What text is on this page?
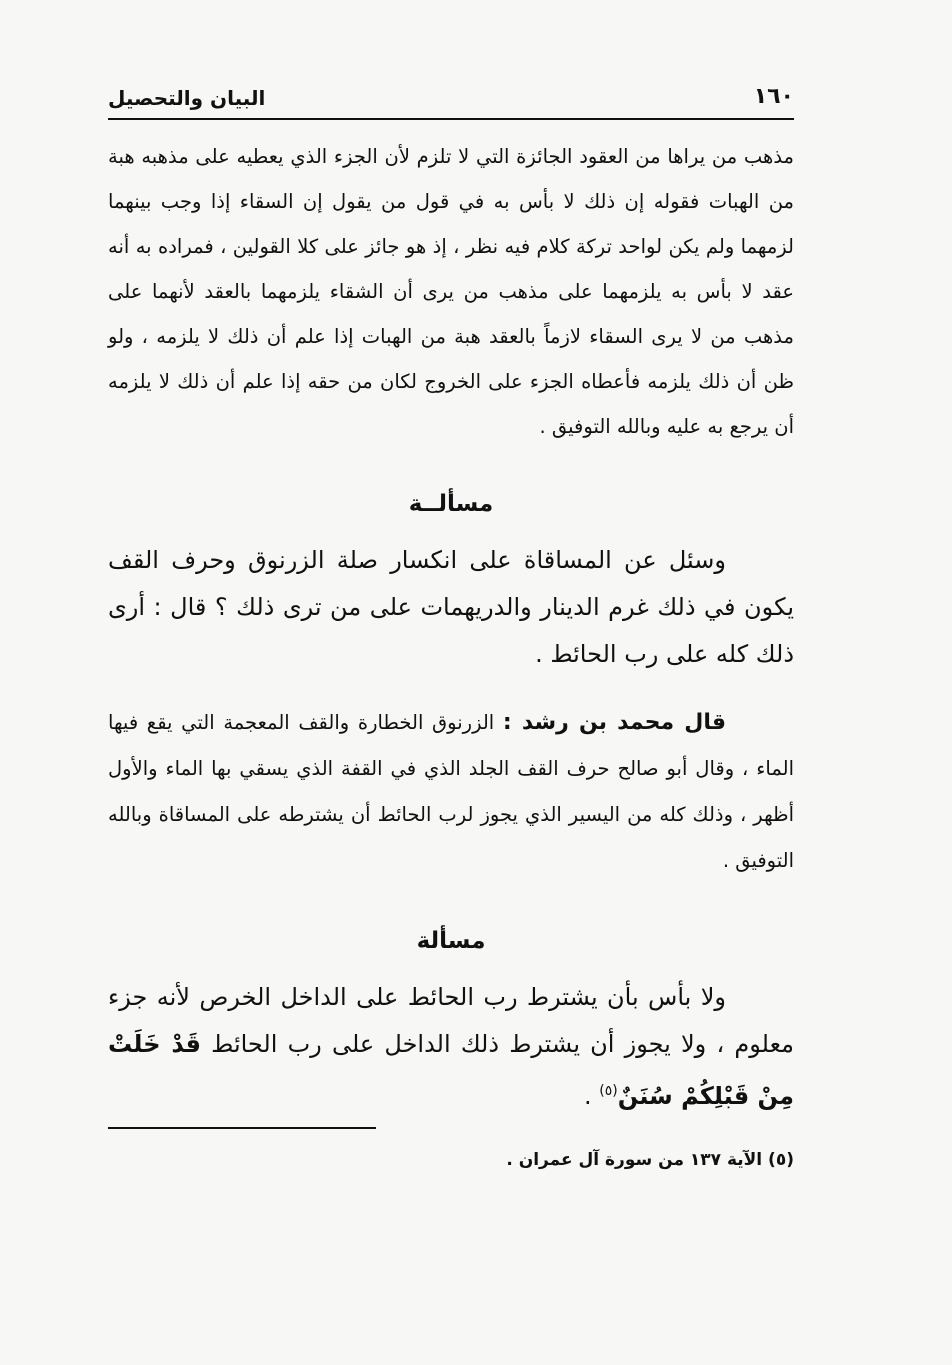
١٦٠
البيان والتحصيل

مذهب من يراها من العقود الجائزة التي لا تلزم لأن الجزء الذي يعطيه على مذهبه هبة من الهبات فقوله إن ذلك لا بأس به في قول من يقول إن السقاء إذا وجب بينهما لزمهما ولم يكن لواحد تركة كلام فيه نظر ، إذ هو جائز على كلا القولين ، فمراده به أنه عقد لا بأس به يلزمهما على مذهب من يرى أن الشقاء يلزمهما بالعقد لأنهما على مذهب من لا يرى السقاء لازماً بالعقد هبة من الهبات إذا علم أن ذلك لا يلزمه ، ولو ظن أن ذلك يلزمه فأعطاه الجزء على الخروج لكان من حقه إذا علم أن ذلك لا يلزمه أن يرجع به عليه وبالله التوفيق .

مسألــة

وسئل عن المساقاة على انكسار صلة الزرنوق وحرف القف يكون في ذلك غرم الدينار والدريهمات على من ترى ذلك ؟ قال : أرى ذلك كله على رب الحائط .

قال محمد بن رشد : الزرنوق الخطارة والقف المعجمة التي يقع فيها الماء ، وقال أبو صالح حرف القف الجلد الذي في القفة الذي يسقي بها الماء والأول أظهر ، وذلك كله من اليسير الذي يجوز لرب الحائط أن يشترطه على المساقاة وبالله التوفيق .

مسألة

ولا بأس بأن يشترط رب الحائط على الداخل الخرص لأنه جزء معلوم ، ولا يجوز أن يشترط ذلك الداخل على رب الحائط قَدْ خَلَتْ مِنْ قَبْلِكُمْ سُنَنٌ$^{(٥)}$ .

(٥) الآية ١٣٧ من سورة آل عمران .
